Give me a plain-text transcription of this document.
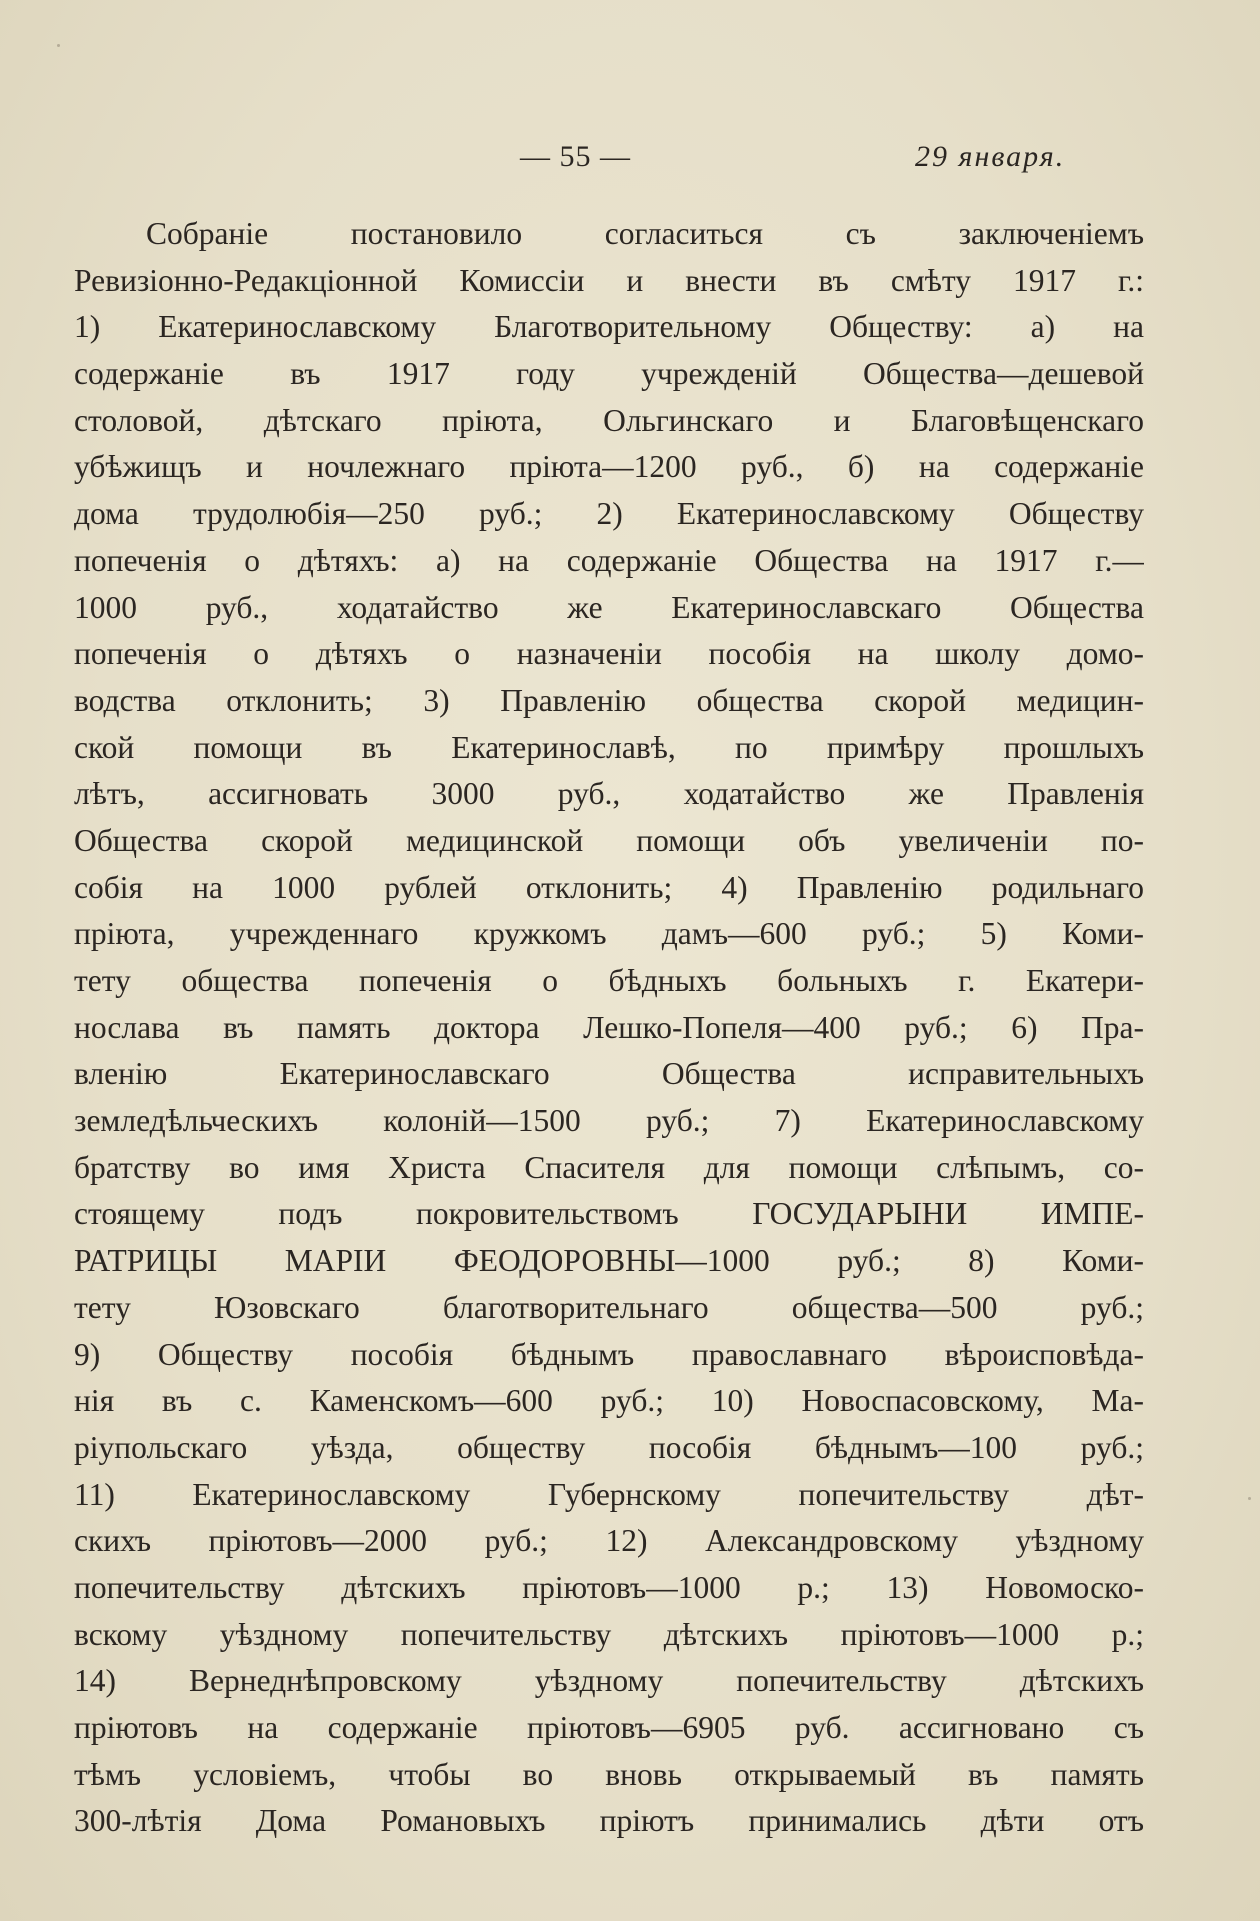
— 55 —	29 января.
Собраніе постановило согласиться съ заключеніемъ
Ревизіонно-Редакціонной Комиссіи и внести въ смѣту 1917 г.:
1) Екатеринославскому Благотворительному Обществу: а) на
содержаніе въ 1917 году учрежденій Общества—дешевой
столовой, дѣтскаго пріюта, Ольгинскаго и Благовѣщенскаго
убѣжищъ и ночлежнаго пріюта—1200 руб., б) на содержаніе
дома трудолюбія—250 руб.; 2) Екатеринославскому Обществу
попеченія о дѣтяхъ: а) на содержаніе Общества на 1917 г.—
1000 руб., ходатайство же Екатеринославскаго Общества
попеченія о дѣтяхъ о назначеніи пособія на школу домо-
водства отклонить; 3) Правленію общества скорой медицин-
ской помощи въ Екатеринославѣ, по примѣру прошлыхъ
лѣтъ, ассигновать 3000 руб., ходатайство же Правленія
Общества скорой медицинской помощи объ увеличеніи по-
собія на 1000 рублей отклонить; 4) Правленію родильнаго
пріюта, учрежденнаго кружкомъ дамъ—600 руб.; 5) Коми-
тету общества попеченія о бѣдныхъ больныхъ г. Екатери-
нослава въ память доктора Лешко-Попеля—400 руб.; 6) Пра-
вленію Екатеринославскаго Общества исправительныхъ
земледѣльческихъ колоній—1500 руб.; 7) Екатеринославскому
братству во имя Христа Спасителя для помощи слѣпымъ, со-
стоящему подъ покровительствомъ ГОСУДАРЫНИ ИМПЕ-
РАТРИЦЫ МАРІИ ФЕОДОРОВНЫ—1000 руб.; 8) Коми-
тету Юзовскаго благотворительнаго общества—500 руб.;
9) Обществу пособія бѣднымъ православнаго вѣроисповѣда-
нія въ с. Каменскомъ—600 руб.; 10) Новоспасовскому, Ма-
ріупольскаго уѣзда, обществу пособія бѣднымъ—100 руб.;
11) Екатеринославскому Губернскому попечительству дѣт-
скихъ пріютовъ—2000 руб.; 12) Александровскому уѣздному
попечительству дѣтскихъ пріютовъ—1000 р.; 13) Новомоско-
вскому уѣздному попечительству дѣтскихъ пріютовъ—1000 р.;
14) Вернеднѣпровскому уѣздному попечительству дѣтскихъ
пріютовъ на содержаніе пріютовъ—6905 руб. ассигновано съ
тѣмъ условіемъ, чтобы во вновь открываемый въ память
300-лѣтія Дома Романовыхъ пріютъ принимались дѣти отъ
